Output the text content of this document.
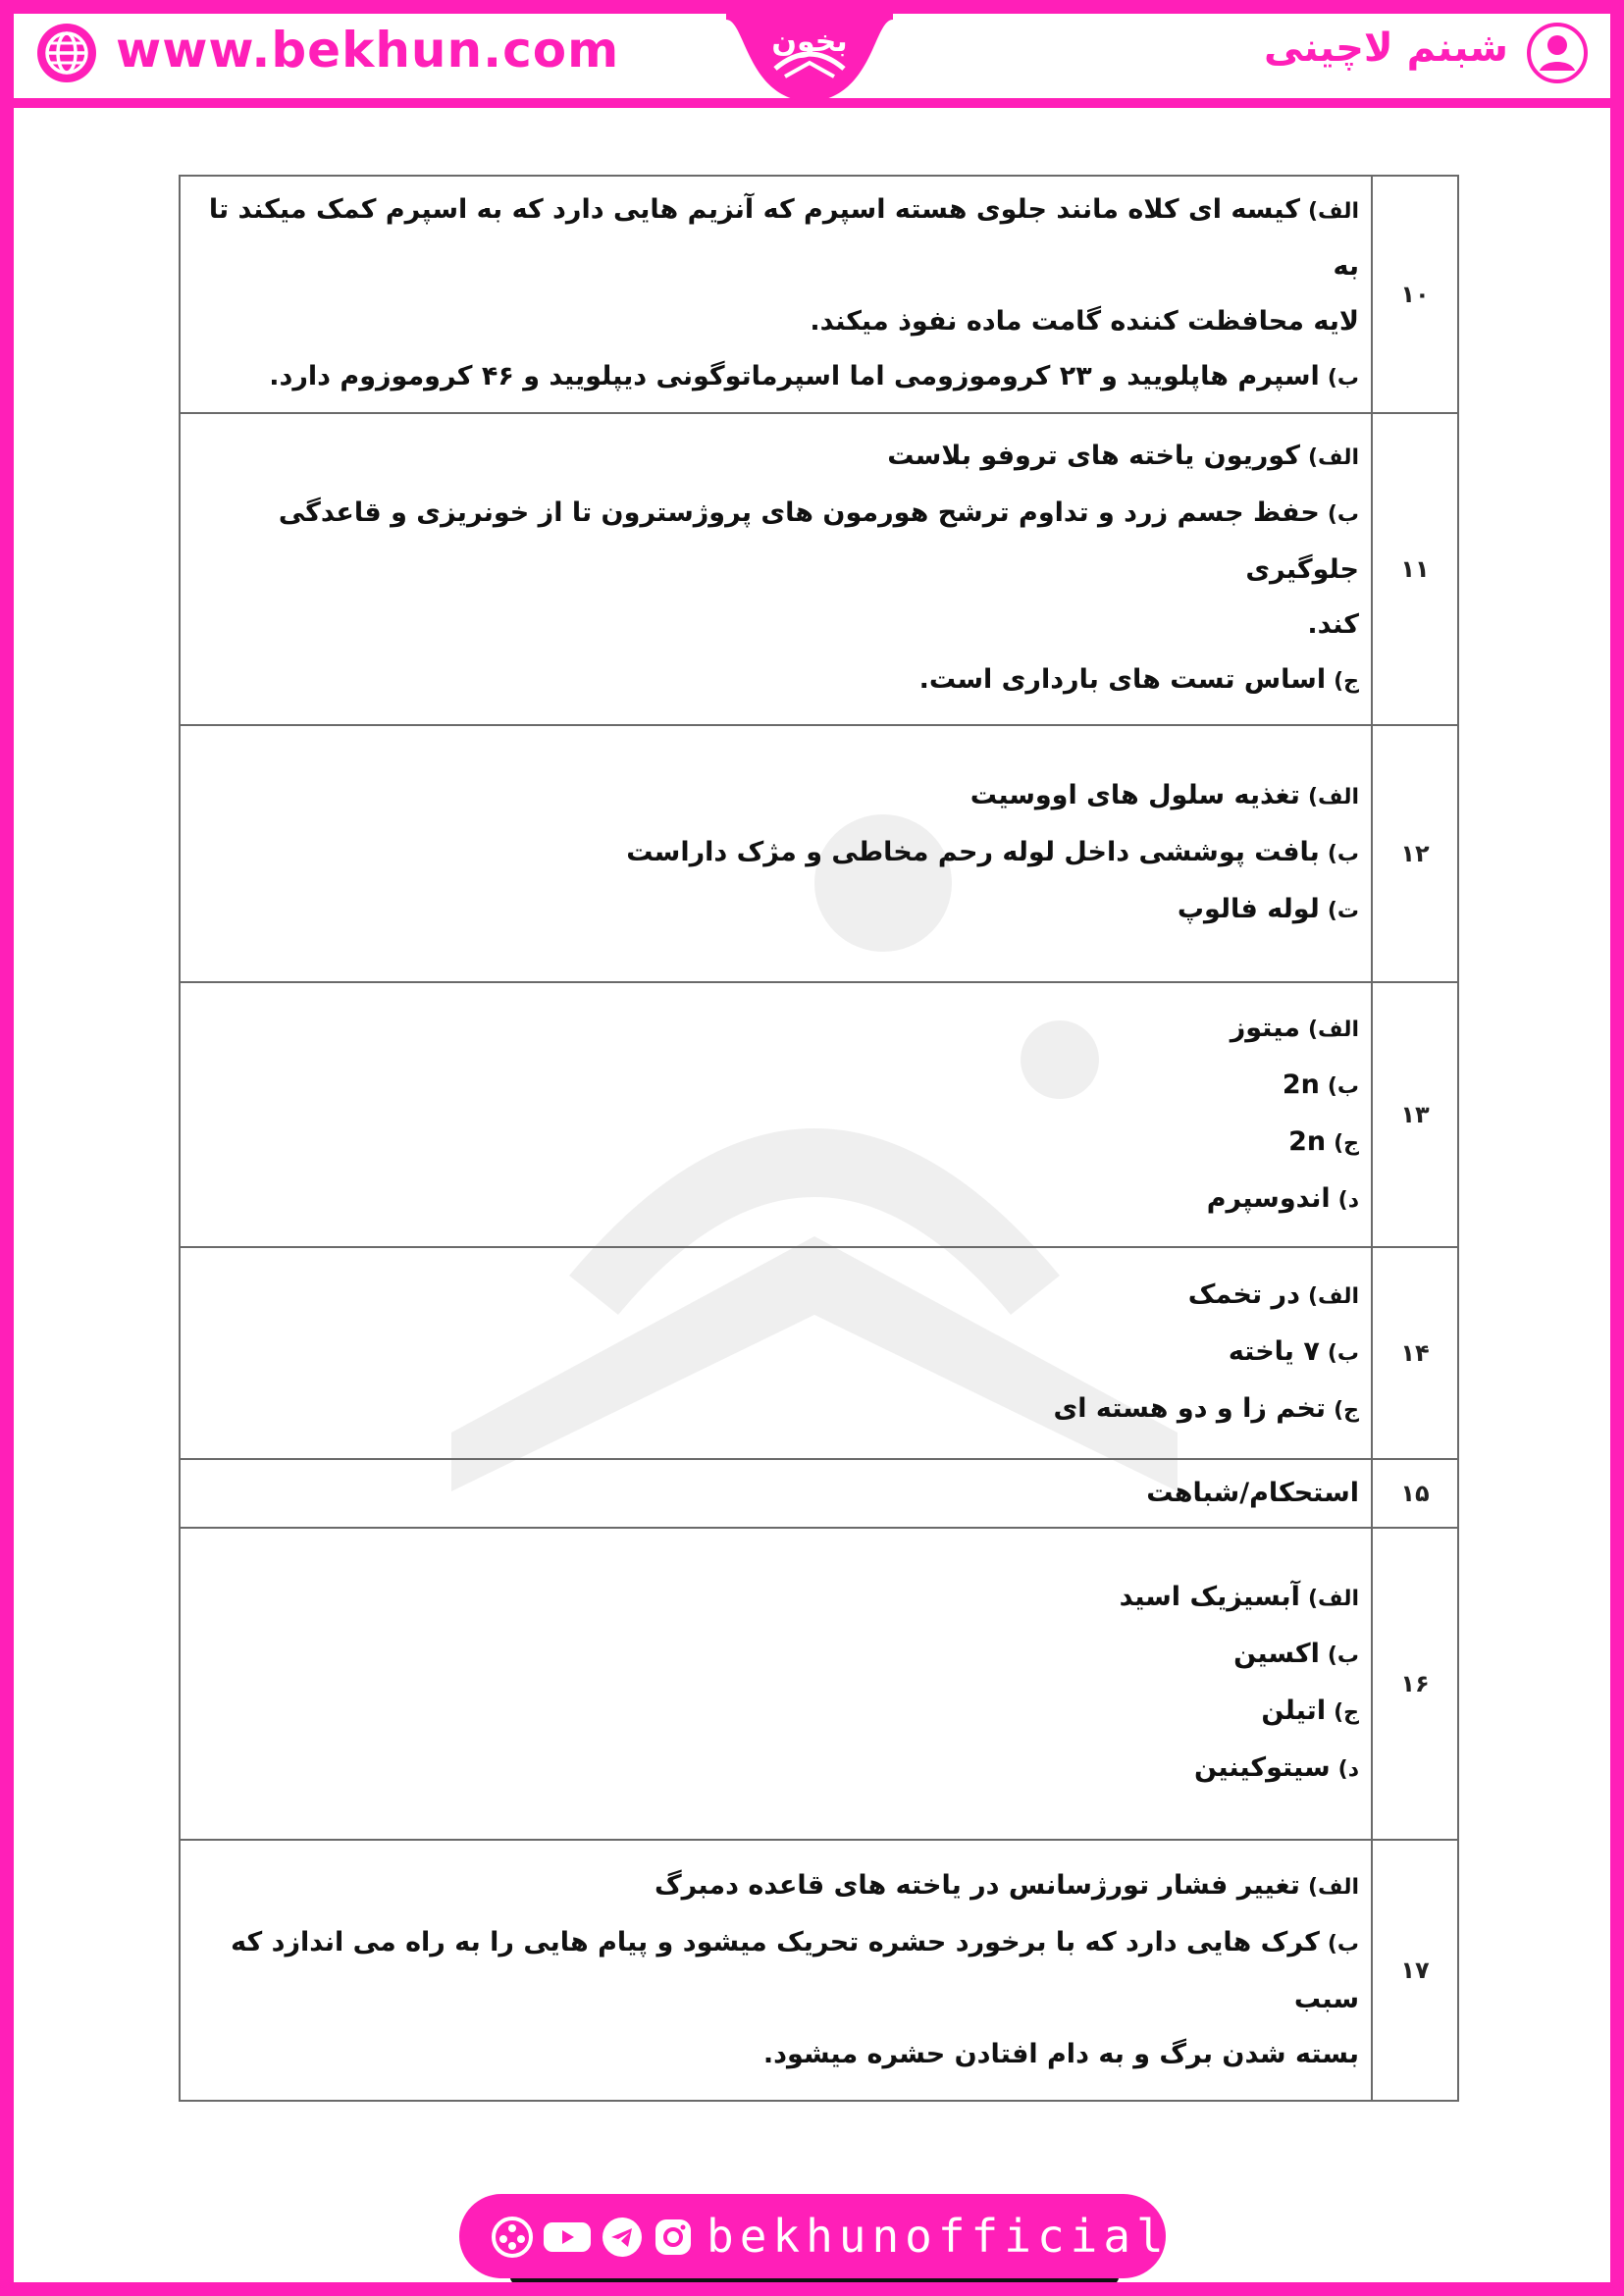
www.bekhun.com	شبنم لاچینی
بخون
۱۰	الف)کیسه ای کلاه مانند جلوی هسته اسپرم که آنزیم هایی دارد که به اسپرم کمک میکند تا به
لایه محافظت کننده گامت ماده نفوذ میکند.
ب)اسپرم هاپلویید و ۲۳ کروموزومی اما اسپرماتوگونی دیپلویید و ۴۶ کروموزوم دارد.

۱۱	الف)کوریون یاخته های تروفو بلاست
ب)حفظ جسم زرد و تداوم ترشح هورمون های پروژسترون تا از خونریزی و قاعدگی جلوگیری
کند.
ج)اساس تست های بارداری است.

۱۲	الف)تغذیه سلول های اووسیت
ب)بافت پوششی داخل لوله رحم مخاطی و مژک داراست
ت)لوله فالوپ

۱۳	الف)میتوز
ب)2n
ج)2n
د)اندوسپرم

۱۴	الف)در تخمک
ب)۷ یاخته
ج)تخم زا و دو هسته ای

۱۵	استحکام/شباهت

۱۶	الف)آبسیزیک اسید
ب)اکسین
ج)اتیلن
د)سیتوکینین

۱۷	الف)تغییر فشار تورژسانس در یاخته های قاعده دمبرگ
ب)کرک هایی دارد که با برخورد حشره تحریک میشود و پیام هایی را به راه می اندازد که سبب
بسته شدن برگ و به دام افتادن حشره میشود.
bekhunofficial
